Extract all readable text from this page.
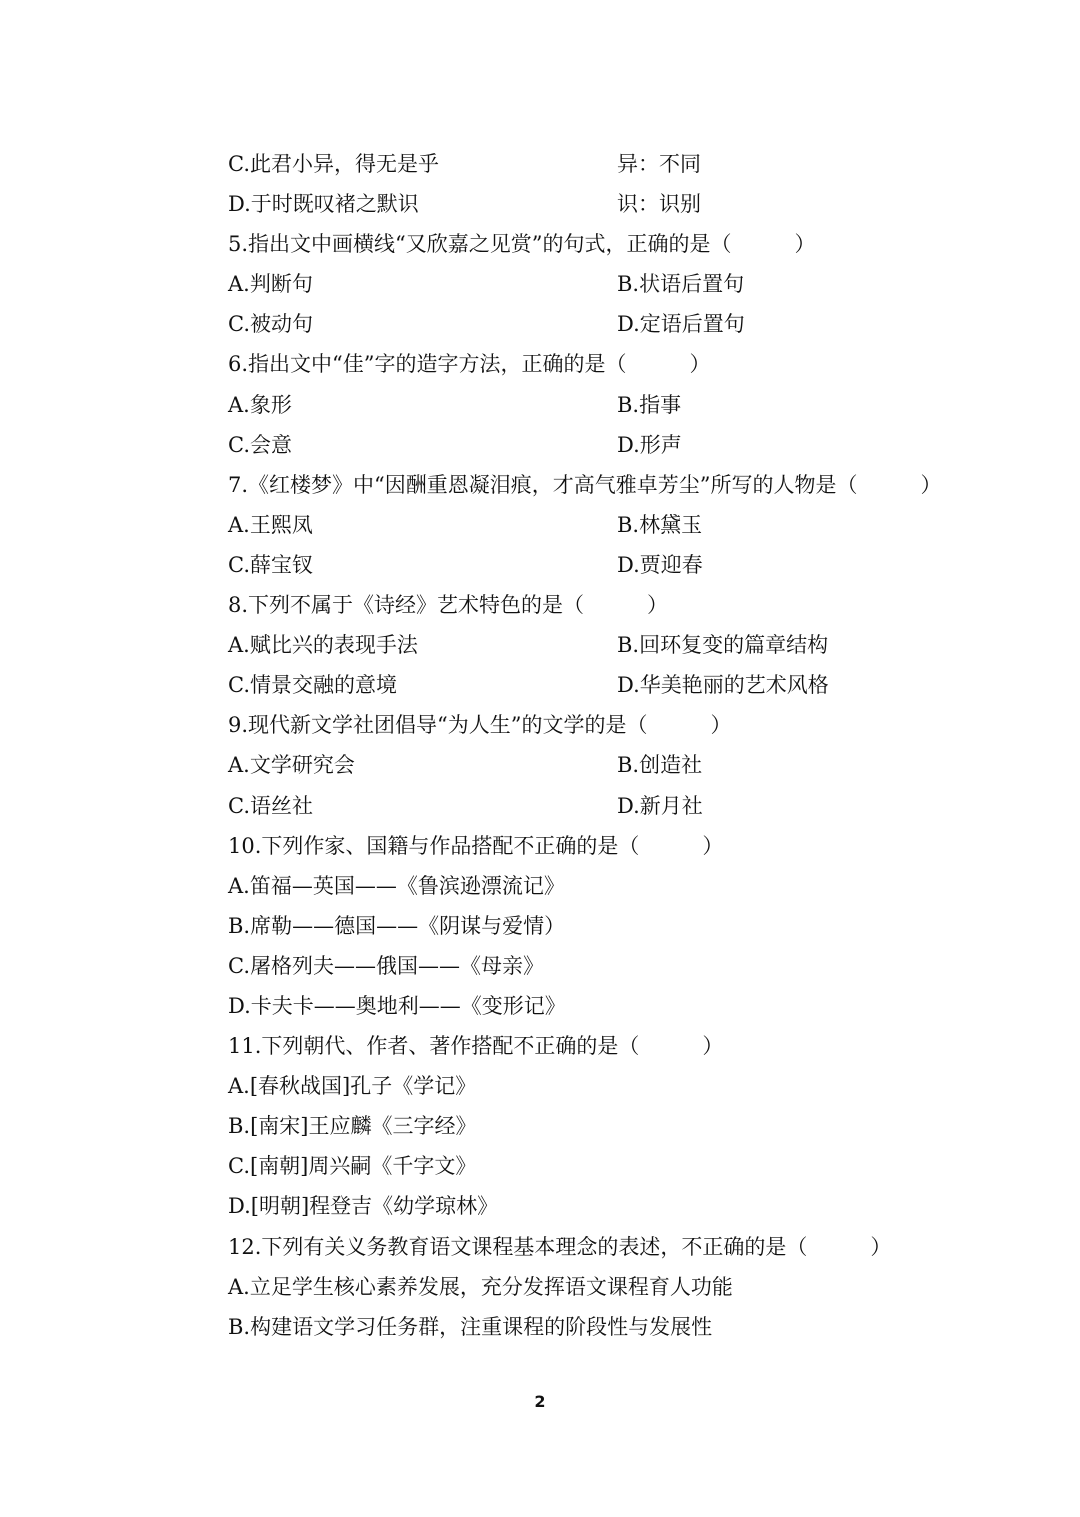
C.此君小异，得无是乎	异：不同
D.于时既叹褚之默识	识：识别
5.指出文中画横线“又欣嘉之见赏”的句式，正确的是（　　　）
A.判断句	B.状语后置句
C.被动句	D.定语后置句
6.指出文中“佳”字的造字方法，正确的是（　　　）
A.象形	B.指事
C.会意	D.形声
7.《红楼梦》中“因酬重恩凝泪痕，才高气雅卓芳尘”所写的人物是（　　　）
A.王熙凤	B.林黛玉
C.薛宝钗	D.贾迎春
8.下列不属于《诗经》艺术特色的是（　　　）
A.赋比兴的表现手法	B.回环复变的篇章结构
C.情景交融的意境	D.华美艳丽的艺术风格
9.现代新文学社团倡导“为人生”的文学的是（　　　）
A.文学研究会	B.创造社
C.语丝社	D.新月社
10.下列作家、国籍与作品搭配不正确的是（　　　）
A.笛福—英国——《鲁滨逊漂流记》
B.席勒——德国——《阴谋与爱情）
C.屠格列夫——俄国——《母亲》
D.卡夫卡——奥地利——《变形记》
11.下列朝代、作者、著作搭配不正确的是（　　　）
A.[春秋战国]孔子《学记》
B.[南宋]王应麟《三字经》
C.[南朝]周兴嗣《千字文》
D.[明朝]程登吉《幼学琼林》
12.下列有关义务教育语文课程基本理念的表述，不正确的是（　　　）
A.立足学生核心素养发展，充分发挥语文课程育人功能
B.构建语文学习任务群，注重课程的阶段性与发展性
2
